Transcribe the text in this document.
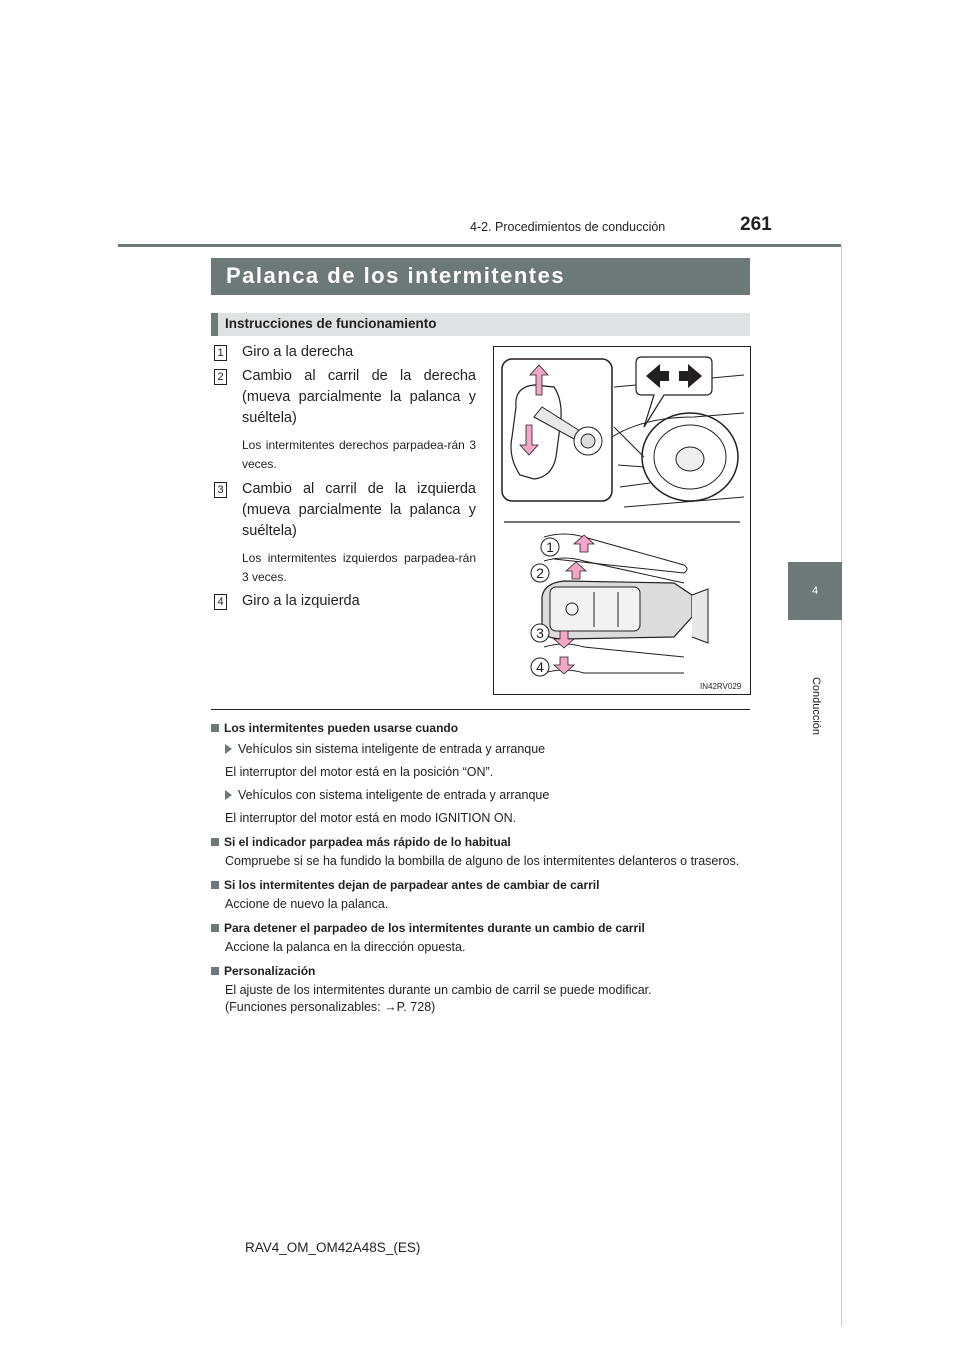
4-2. Procedimientos de conducción	261
4
Conducción
Palanca de los intermitentes
Instrucciones de funcionamiento
1 Giro a la derecha
2 Cambio al carril de la derecha (mueva parcialmente la palanca y suéltela)
Los intermitentes derechos parpadea-rán 3 veces.
3 Cambio al carril de la izquierda (mueva parcialmente la palanca y suéltela)
Los intermitentes izquierdos parpadea-rán 3 veces.
4 Giro a la izquierda
1
2
3
4
IN42RV029
Los intermitentes pueden usarse cuando
Vehículos sin sistema inteligente de entrada y arranque
El interruptor del motor está en la posición “ON”.
Vehículos con sistema inteligente de entrada y arranque
El interruptor del motor está en modo IGNITION ON.
Si el indicador parpadea más rápido de lo habitual
Compruebe si se ha fundido la bombilla de alguno de los intermitentes delanteros o traseros.
Si los intermitentes dejan de parpadear antes de cambiar de carril
Accione de nuevo la palanca.
Para detener el parpadeo de los intermitentes durante un cambio de carril
Accione la palanca en la dirección opuesta.
Personalización
El ajuste de los intermitentes durante un cambio de carril se puede modificar.
(Funciones personalizables: →P. 728)
RAV4_OM_OM42A48S_(ES)
